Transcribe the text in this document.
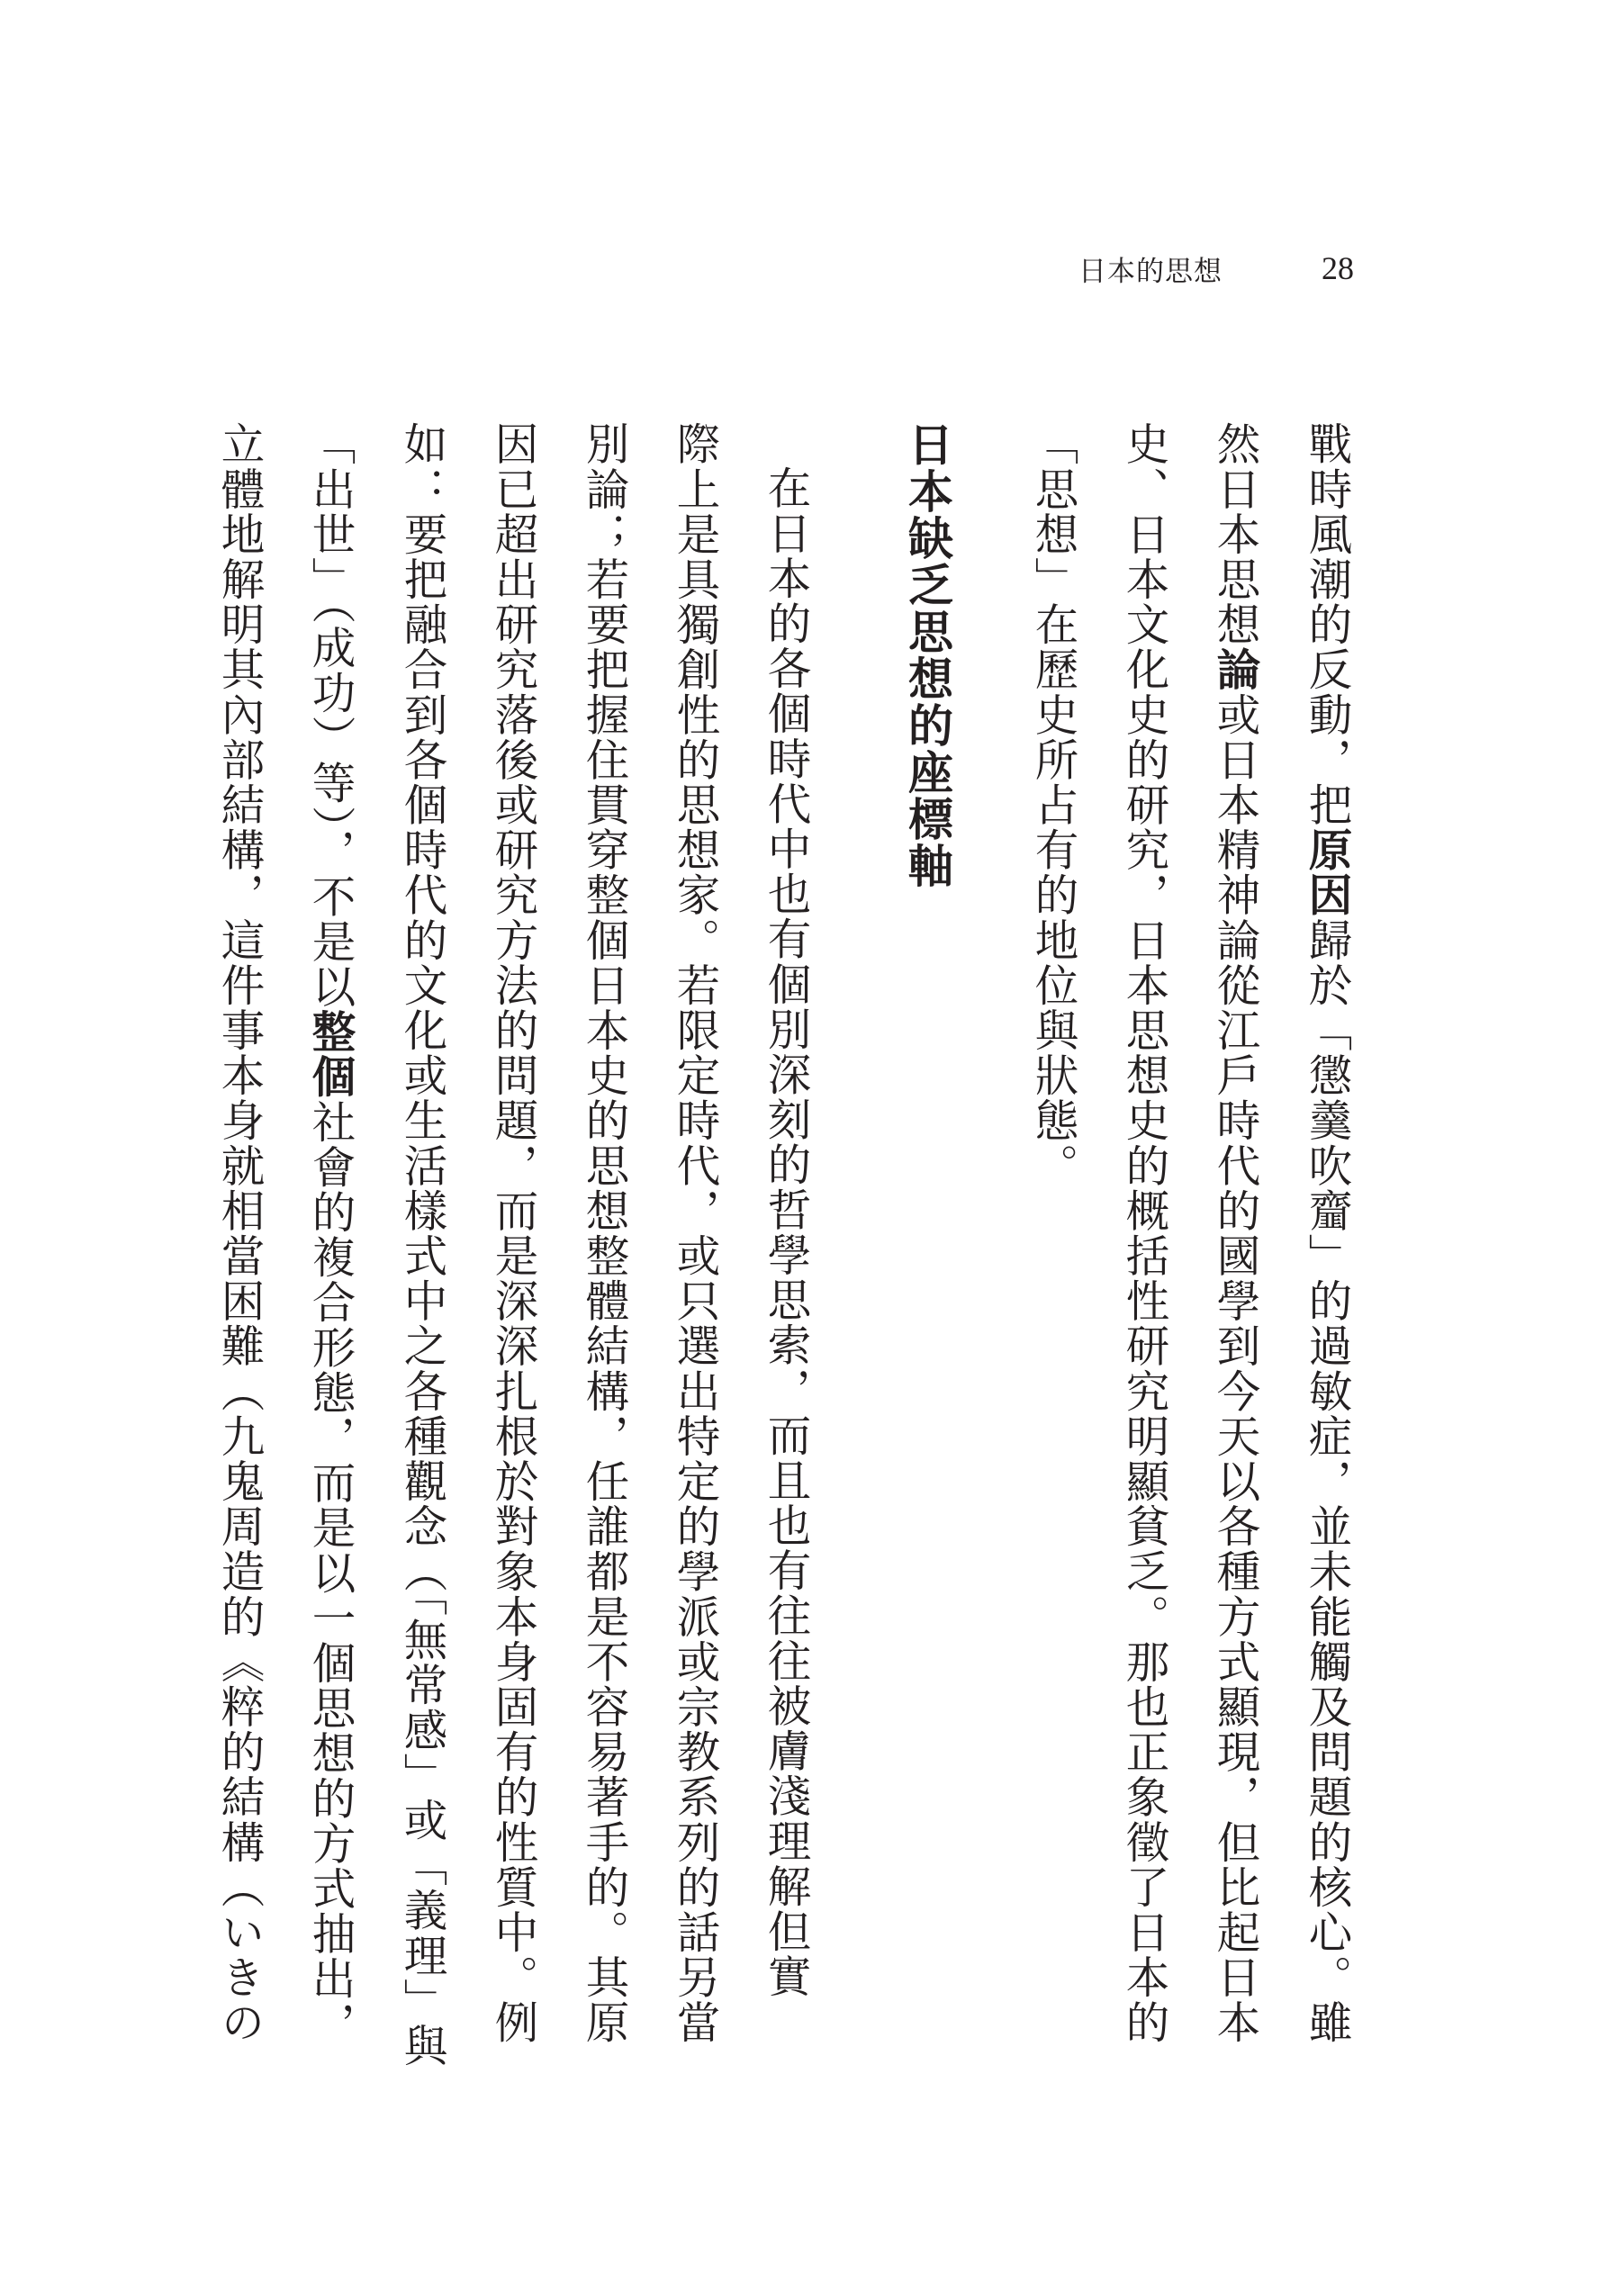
日本的思想	28
戰時風潮的反動，把原因歸於「懲羹吹齏」的過敏症，並未能觸及問題的核心。雖
然日本思想論或日本精神論從江戶時代的國學到今天以各種方式顯現，但比起日本
史、日本文化史的研究，日本思想史的概括性研究明顯貧乏。那也正象徵了日本的
「思想」在歷史所占有的地位與狀態。
日本缺乏思想的座標軸
在日本的各個時代中也有個別深刻的哲學思索，而且也有往往被膚淺理解但實
際上是具獨創性的思想家。若限定時代，或只選出特定的學派或宗教系列的話另當
別論；若要把握住貫穿整個日本史的思想整體結構，任誰都是不容易著手的。其原
因已超出研究落後或研究方法的問題，而是深深扎根於對象本身固有的性質中。例
如：要把融合到各個時代的文化或生活樣式中之各種觀念（「無常感」或「義理」與
「出世」（成功）等），不是以整個社會的複合形態，而是以一個思想的方式抽出，
立體地解明其內部結構，這件事本身就相當困難（九鬼周造的《粹的結構（いきの
